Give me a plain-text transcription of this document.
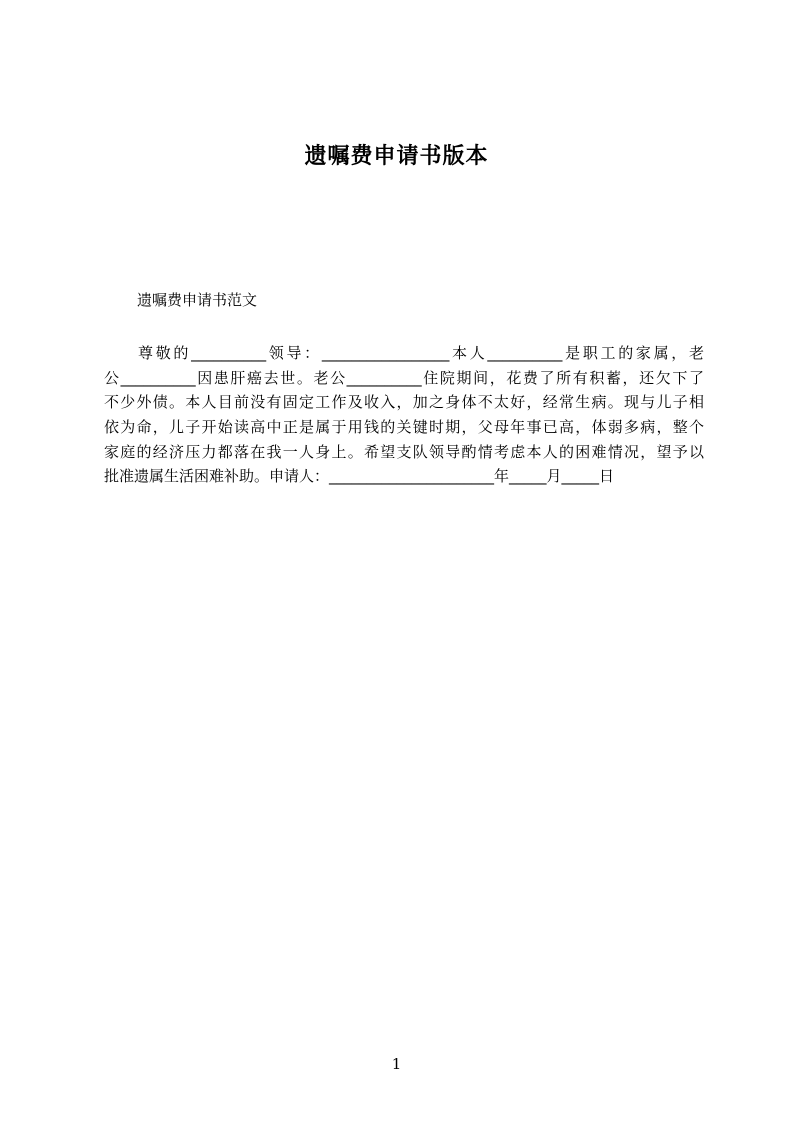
遗嘱费申请书版本
遗嘱费申请书范文
尊敬的__________领导：_________________本人__________是职工的家属，老
公__________因患肝癌去世。老公__________住院期间，花费了所有积蓄，还欠下了
不少外债。本人目前没有固定工作及收入，加之身体不太好，经常生病。现与儿子相
依为命，儿子开始读高中正是属于用钱的关键时期，父母年事已高，体弱多病，整个
家庭的经济压力都落在我一人身上。希望支队领导酌情考虑本人的困难情况，望予以
批准遗属生活困难补助。申请人：______________________年_____月_____日
1
